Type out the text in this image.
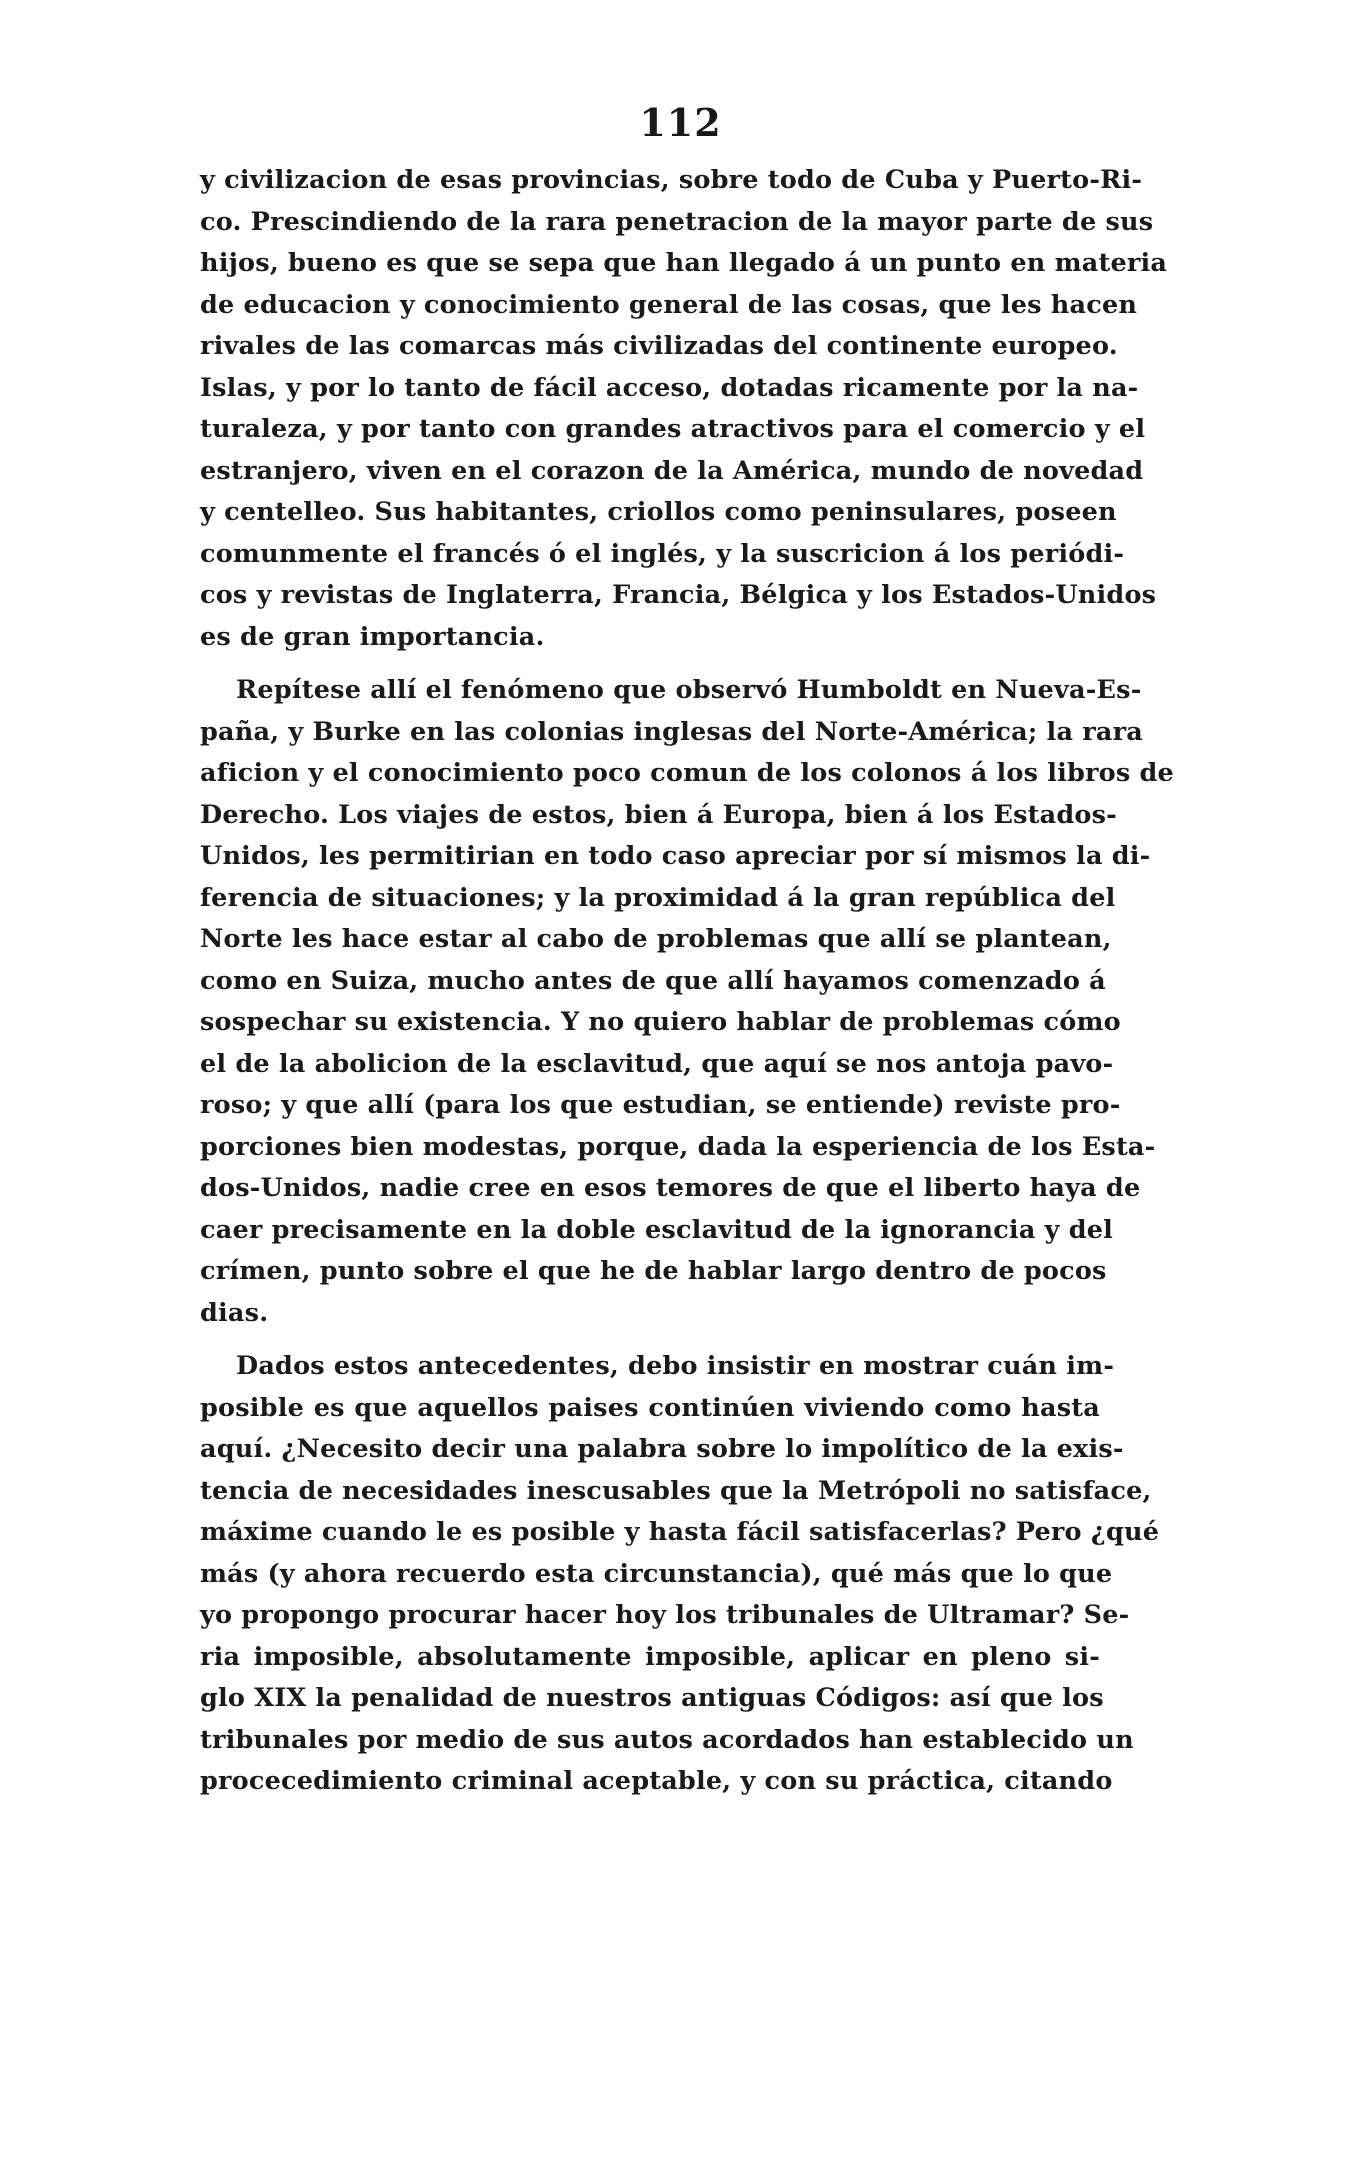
112
y civilizacion de esas provincias, sobre todo de Cuba y Puerto-Ri-
co. Prescindiendo de la rara penetracion de la mayor parte de sus
hijos, bueno es que se sepa que han llegado á un punto en materia
de educacion y conocimiento general de las cosas, que les hacen
rivales de las comarcas más civilizadas del continente europeo.
Islas, y por lo tanto de fácil acceso, dotadas ricamente por la na-
turaleza, y por tanto con grandes atractivos para el comercio y el
estranjero, viven en el corazon de la América, mundo de novedad
y centelleo. Sus habitantes, criollos como peninsulares, poseen
comunmente el francés ó el inglés, y la suscricion á los periódi-
cos y revistas de Inglaterra, Francia, Bélgica y los Estados-Unidos
es de gran importancia.
Repítese allí el fenómeno que observó Humboldt en Nueva-Es-
paña, y Burke en las colonias inglesas del Norte-América; la rara
aficion y el conocimiento poco comun de los colonos á los libros de
Derecho. Los viajes de estos, bien á Europa, bien á los Estados-
Unidos, les permitirian en todo caso apreciar por sí mismos la di-
ferencia de situaciones; y la proximidad á la gran república del
Norte les hace estar al cabo de problemas que allí se plantean,
como en Suiza, mucho antes de que allí hayamos comenzado á
sospechar su existencia. Y no quiero hablar de problemas cómo
el de la abolicion de la esclavitud, que aquí se nos antoja pavo-
roso; y que allí (para los que estudian, se entiende) reviste pro-
porciones bien modestas, porque, dada la esperiencia de los Esta-
dos-Unidos, nadie cree en esos temores de que el liberto haya de
caer precisamente en la doble esclavitud de la ignorancia y del
crímen, punto sobre el que he de hablar largo dentro de pocos
dias.
Dados estos antecedentes, debo insistir en mostrar cuán im-
posible es que aquellos paises continúen viviendo como hasta
aquí. ¿Necesito decir una palabra sobre lo impolítico de la exis-
tencia de necesidades inescusables que la Metrópoli no satisface,
máxime cuando le es posible y hasta fácil satisfacerlas? Pero ¿qué
más (y ahora recuerdo esta circunstancia), qué más que lo que
yo propongo procurar hacer hoy los tribunales de Ultramar? Se-
ria imposible, absolutamente imposible, aplicar en pleno si-
glo XIX la penalidad de nuestros antiguas Códigos: así que los
tribunales por medio de sus autos acordados han establecido un
procecedimiento criminal aceptable, y con su práctica, citando
